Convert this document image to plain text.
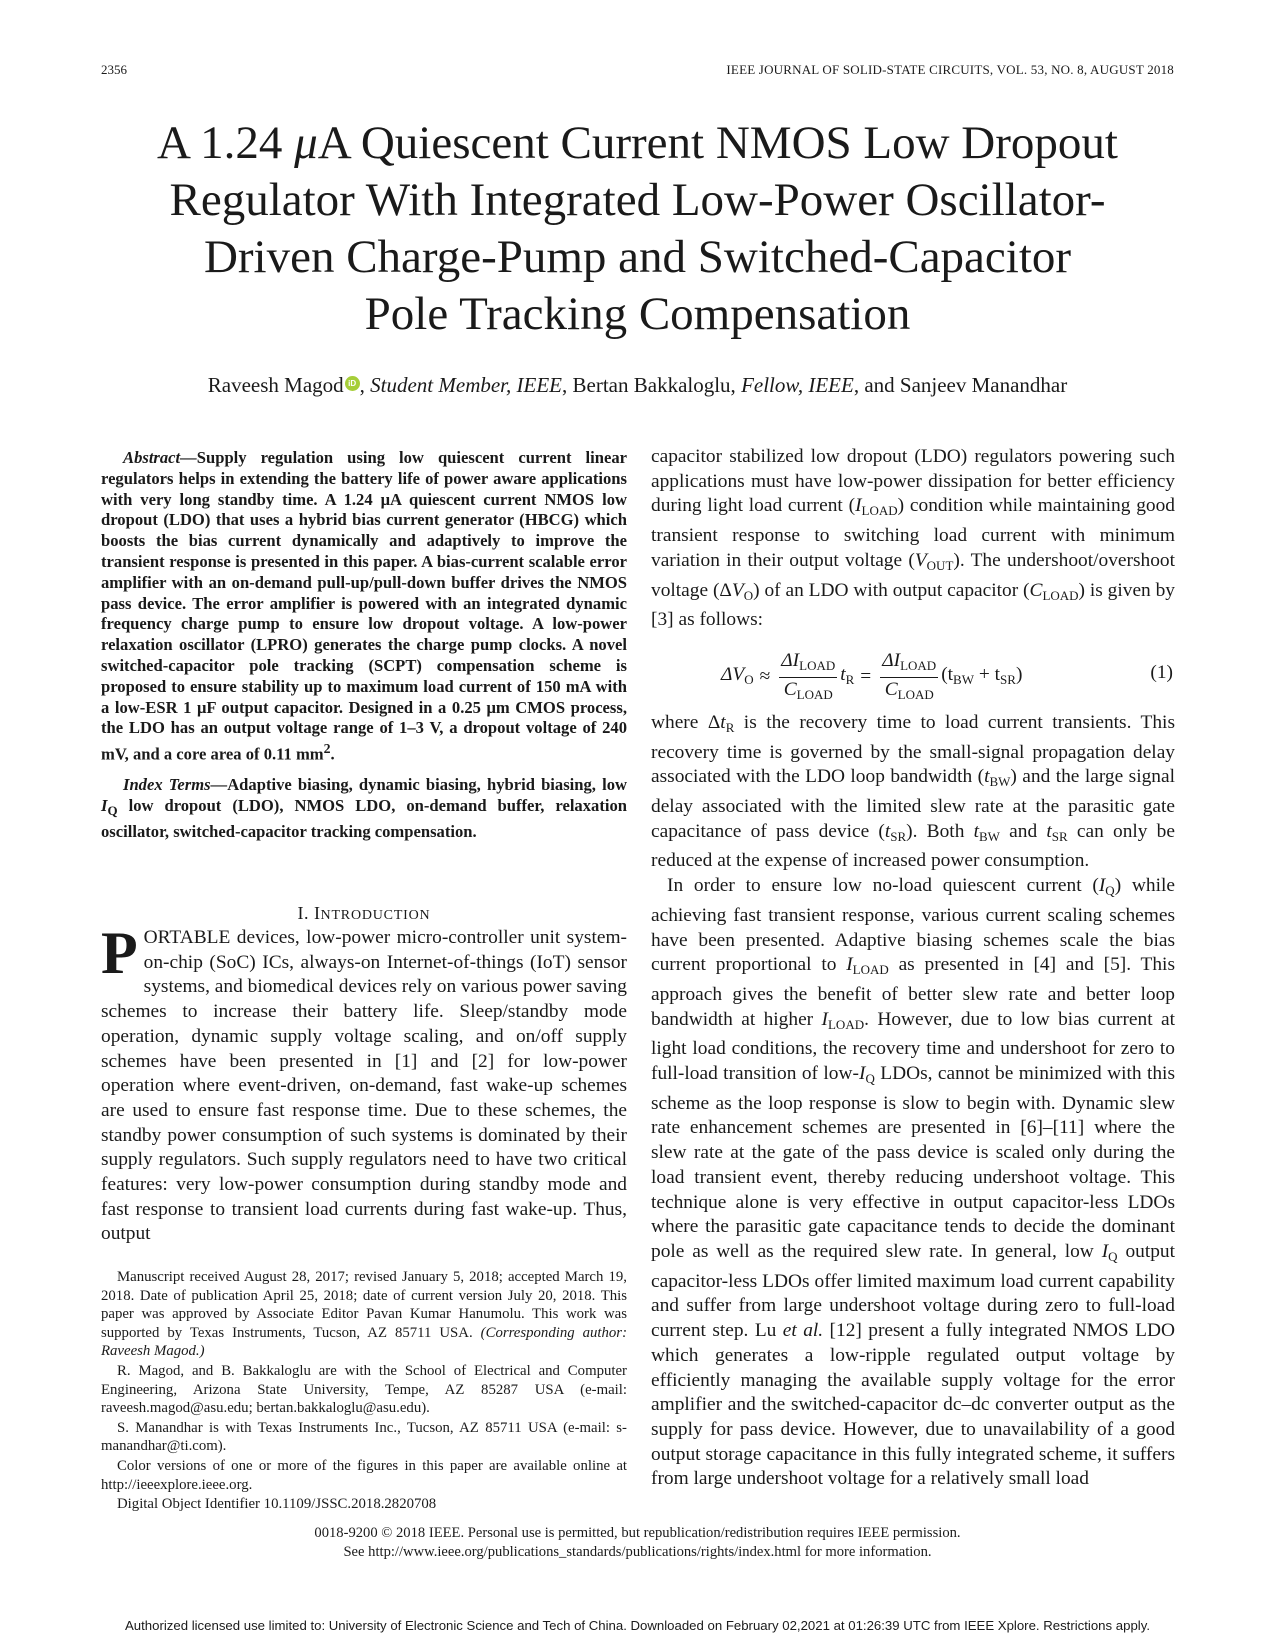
2356	IEEE JOURNAL OF SOLID-STATE CIRCUITS, VOL. 53, NO. 8, AUGUST 2018
A 1.24 μA Quiescent Current NMOS Low Dropout
Regulator With Integrated Low-Power Oscillator-
Driven Charge-Pump and Switched-Capacitor
Pole Tracking Compensation
Raveesh Magod iD , Student Member, IEEE, Bertan Bakkaloglu, Fellow, IEEE, and Sanjeev Manandhar

Abstract—Supply regulation using low quiescent current linear regulators helps in extending the battery life of power aware applications with very long standby time. A 1.24 μA quiescent current NMOS low dropout (LDO) that uses a hybrid bias current generator (HBCG) which boosts the bias current dynamically and adaptively to improve the transient response is presented in this paper. A bias-current scalable error amplifier with an on-demand pull-up/pull-down buffer drives the NMOS pass device. The error amplifier is powered with an integrated dynamic frequency charge pump to ensure low dropout voltage. A low-power relaxation oscillator (LPRO) generates the charge pump clocks. A novel switched-capacitor pole tracking (SCPT) compensation scheme is proposed to ensure stability up to maximum load current of 150 mA with a low-ESR 1 μF output capacitor. Designed in a 0.25 μm CMOS process, the LDO has an output voltage range of 1–3 V, a dropout voltage of 240 mV, and a core area of 0.11 $mm^2$.

Index Terms—Adaptive biasing, dynamic biasing, hybrid biasing, low $I_Q$ low dropout (LDO), NMOS LDO, on-demand buffer, relaxation oscillator, switched-capacitor tracking compensation.

I. INTRODUCTION

PORTABLE devices, low-power micro-controller unit system-on-chip (SoC) ICs, always-on Internet-of-things (IoT) sensor systems, and biomedical devices rely on various power saving schemes to increase their battery life. Sleep/standby mode operation, dynamic supply voltage scaling, and on/off supply schemes have been presented in [1] and [2] for low-power operation where event-driven, on-demand, fast wake-up schemes are used to ensure fast response time. Due to these schemes, the standby power consumption of such systems is dominated by their supply regulators. Such supply regulators need to have two critical features: very low-power consumption during standby mode and fast response to transient load currents during fast wake-up. Thus, output

Manuscript received August 28, 2017; revised January 5, 2018; accepted March 19, 2018. Date of publication April 25, 2018; date of current version July 20, 2018. This paper was approved by Associate Editor Pavan Kumar Hanumolu. This work was supported by Texas Instruments, Tucson, AZ 85711 USA. (Corresponding author: Raveesh Magod.)

R. Magod, and B. Bakkaloglu are with the School of Electrical and Computer Engineering, Arizona State University, Tempe, AZ 85287 USA (e-mail: raveesh.magod@asu.edu; bertan.bakkaloglu@asu.edu).

S. Manandhar is with Texas Instruments Inc., Tucson, AZ 85711 USA (e-mail: s-manandhar@ti.com).

Color versions of one or more of the figures in this paper are available online at http://ieeexplore.ieee.org.

Digital Object Identifier 10.1109/JSSC.2018.2820708

capacitor stabilized low dropout (LDO) regulators powering such applications must have low-power dissipation for better efficiency during light load current $(I_{LOAD})$ condition while maintaining good transient response to switching load current with minimum variation in their output voltage $(V_{OUT})$. The undershoot/overshoot voltage $(\Delta V_O)$ of an LDO with output capacitor $(C_{LOAD})$ is given by [3] as follows:

$\Delta V_O \approx \frac{\Delta I_{LOAD}}{C_{LOAD}} t_R = \frac{\Delta I_{LOAD}}{C_{LOAD}} (t_{BW} + t_{SR})$	(1)

where $\Delta t_R$ is the recovery time to load current transients. This recovery time is governed by the small-signal propagation delay associated with the LDO loop bandwidth $(t_{BW})$ and the large signal delay associated with the limited slew rate at the parasitic gate capacitance of pass device $(t_{SR})$. Both $t_{BW}$ and $t_{SR}$ can only be reduced at the expense of increased power consumption.

In order to ensure low no-load quiescent current $(I_Q)$ while achieving fast transient response, various current scaling schemes have been presented. Adaptive biasing schemes scale the bias current proportional to $I_{LOAD}$ as presented in [4] and [5]. This approach gives the benefit of better slew rate and better loop bandwidth at higher $I_{LOAD}$. However, due to low bias current at light load conditions, the recovery time and undershoot for zero to full-load transition of low-$I_Q$ LDOs, cannot be minimized with this scheme as the loop response is slow to begin with. Dynamic slew rate enhancement schemes are presented in [6]–[11] where the slew rate at the gate of the pass device is scaled only during the load transient event, thereby reducing undershoot voltage. This technique alone is very effective in output capacitor-less LDOs where the parasitic gate capacitance tends to decide the dominant pole as well as the required slew rate. In general, low $I_Q$ output capacitor-less LDOs offer limited maximum load current capability and suffer from large undershoot voltage during zero to full-load current step. Lu et al. [12] present a fully integrated NMOS LDO which generates a low-ripple regulated output voltage by efficiently managing the available supply voltage for the error amplifier and the switched-capacitor dc–dc converter output as the supply for pass device. However, due to unavailability of a good output storage capacitance in this fully integrated scheme, it suffers from large undershoot voltage for a relatively small load

0018-9200 © 2018 IEEE. Personal use is permitted, but republication/redistribution requires IEEE permission.
See http://www.ieee.org/publications_standards/publications/rights/index.html for more information.
Authorized licensed use limited to: University of Electronic Science and Tech of China. Downloaded on February 02,2021 at 01:26:39 UTC from IEEE Xplore. Restrictions apply.
